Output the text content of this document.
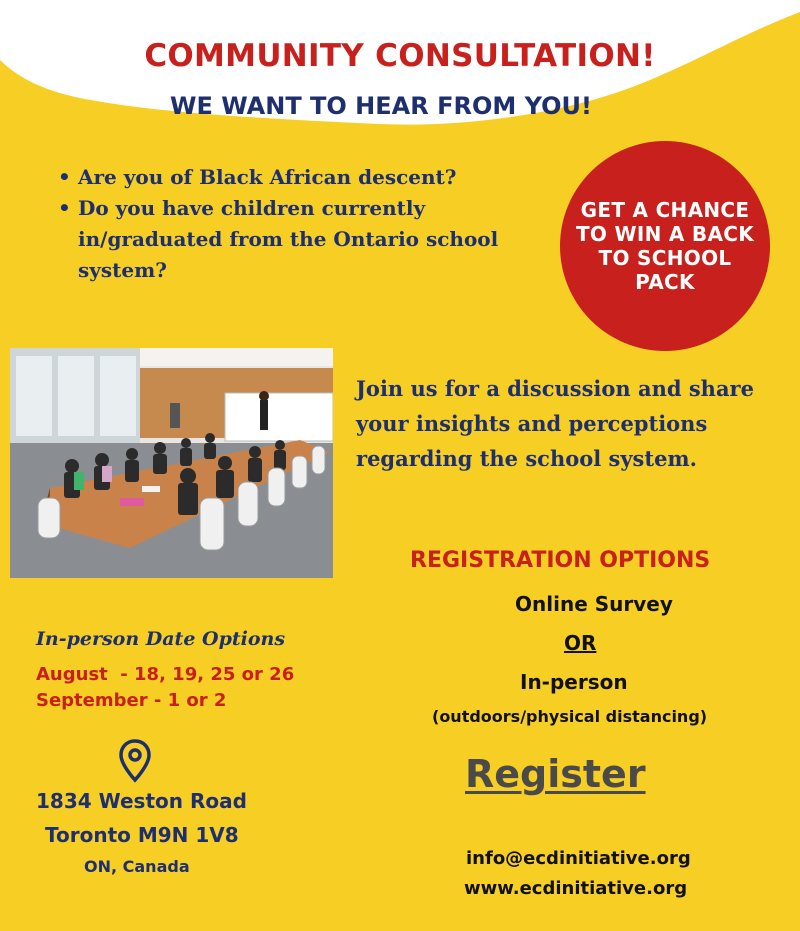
COMMUNITY CONSULTATION!
WE WANT TO HEAR FROM YOU!
• Are you of Black African descent?
• Do you have children currently in/graduated from the Ontario school system?
GET A CHANCE TO WIN A BACK TO SCHOOL PACK
Join us for a discussion and share your insights and perceptions regarding the school system.
REGISTRATION OPTIONS
Online Survey
OR
In-person
(outdoors/physical distancing)
Register
In-person Date Options
August  - 18, 19, 25 or 26
September - 1 or 2
1834 Weston Road
Toronto M9N 1V8
ON, Canada	info@ecdinitiative.org
www.ecdinitiative.org
